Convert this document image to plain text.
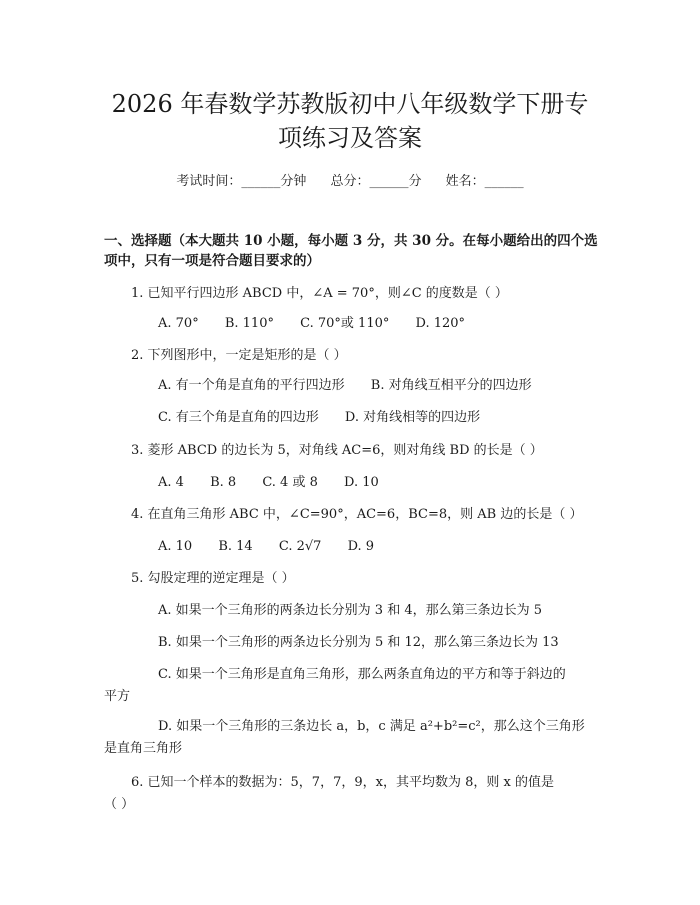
2026 年春数学苏教版初中八年级数学下册专
项练习及答案
考试时间：______分钟 总分：______分 姓名：______
一、选择题（本大题共 10 小题，每小题 3 分，共 30 分。在每小题给出的四个选
项中，只有一项是符合题目要求的）
1. 已知平行四边形 ABCD 中，∠A = 70°，则∠C 的度数是（ ）
A. 70° B. 110° C. 70°或 110° D. 120°
2. 下列图形中，一定是矩形的是（ ）
A. 有一个角是直角的平行四边形 B. 对角线互相平分的四边形
C. 有三个角是直角的四边形 D. 对角线相等的四边形
3. 菱形 ABCD 的边长为 5，对角线 AC=6，则对角线 BD 的长是（ ）
A. 4 B. 8 C. 4 或 8 D. 10
4. 在直角三角形 ABC 中，∠C=90°，AC=6，BC=8，则 AB 边的长是（ ）
A. 10 B. 14 C. 2√7 D. 9
5. 勾股定理的逆定理是（ ）
A. 如果一个三角形的两条边长分别为 3 和 4，那么第三条边长为 5
B. 如果一个三角形的两条边长分别为 5 和 12，那么第三条边长为 13
C. 如果一个三角形是直角三角形，那么两条直角边的平方和等于斜边的
平方
D. 如果一个三角形的三条边长 a，b，c 满足 a²+b²=c²，那么这个三角形
是直角三角形
6. 已知一个样本的数据为：5，7，7，9，x，其平均数为 8，则 x 的值是
（ ）
